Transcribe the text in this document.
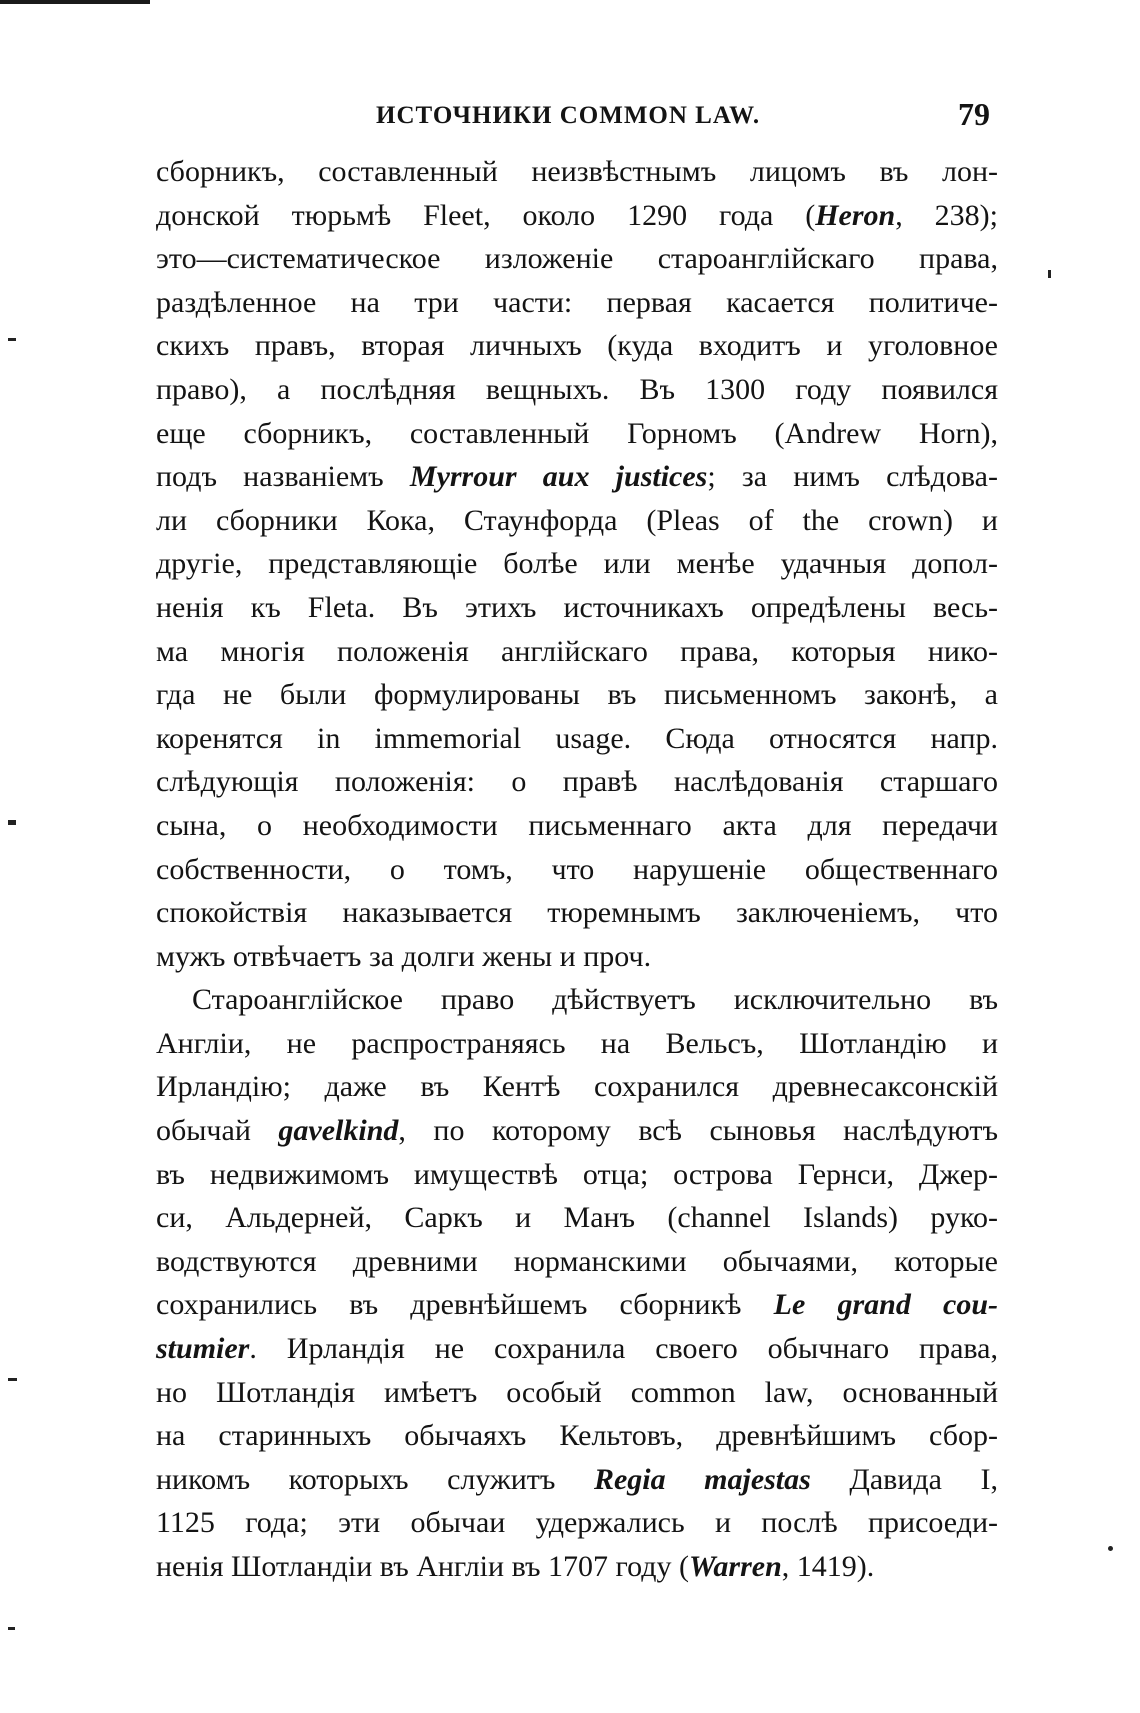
ИСТОЧНИКИ COMMON LAW.	79
сборникъ, составленный неизвѣстнымъ лицомъ въ лон-
донской тюрьмѣ Fleet, около 1290 года (Heron, 238);
это—систематическое изложеніе староанглійскаго права,
раздѣленное на три части: первая касается политиче-
скихъ правъ, вторая личныхъ (куда входитъ и уголовное
право), а послѣдняя вещныхъ. Въ 1300 году появился
еще сборникъ, составленный Горномъ (Andrew Horn),
подъ названіемъ Myrrour aux justices; за нимъ слѣдова-
ли сборники Кока, Стаунфорда (Pleas of the crown) и
другіе, представляющіе болѣе или менѣе удачныя допол-
ненія къ Fleta. Въ этихъ источникахъ опредѣлены весь-
ма многія положенія англійскаго права, которыя нико-
гда не были формулированы въ письменномъ законѣ, а
коренятся in immemorial usage. Сюда относятся напр.
слѣдующія положенія: о правѣ наслѣдованія старшаго
сына, о необходимости письменнаго акта для передачи
собственности, о томъ, что нарушеніе общественнаго
спокойствія наказывается тюремнымъ заключеніемъ, что
мужъ отвѣчаетъ за долги жены и проч.
Староанглійское право дѣйствуетъ исключительно въ
Англіи, не распространяясь на Вельсъ, Шотландію и
Ирландію; даже въ Кентѣ сохранился древнесаксонскій
обычай gavelkind, по которому всѣ сыновья наслѣдуютъ
въ недвижимомъ имуществѣ отца; острова Гернси, Джер-
си, Альдерней, Саркъ и Манъ (channel Islands) руко-
водствуются древними норманскими обычаями, которые
сохранились въ древнѣйшемъ сборникѣ Le grand cou-
stumier. Ирландія не сохранила своего обычнаго права,
но Шотландія имѣетъ особый common law, основанный
на старинныхъ обычаяхъ Кельтовъ, древнѣйшимъ сбор-
никомъ которыхъ служитъ Regia majestas Давида I,
1125 года; эти обычаи удержались и послѣ присоеди-
ненія Шотландіи въ Англіи въ 1707 году (Warren, 1419).
